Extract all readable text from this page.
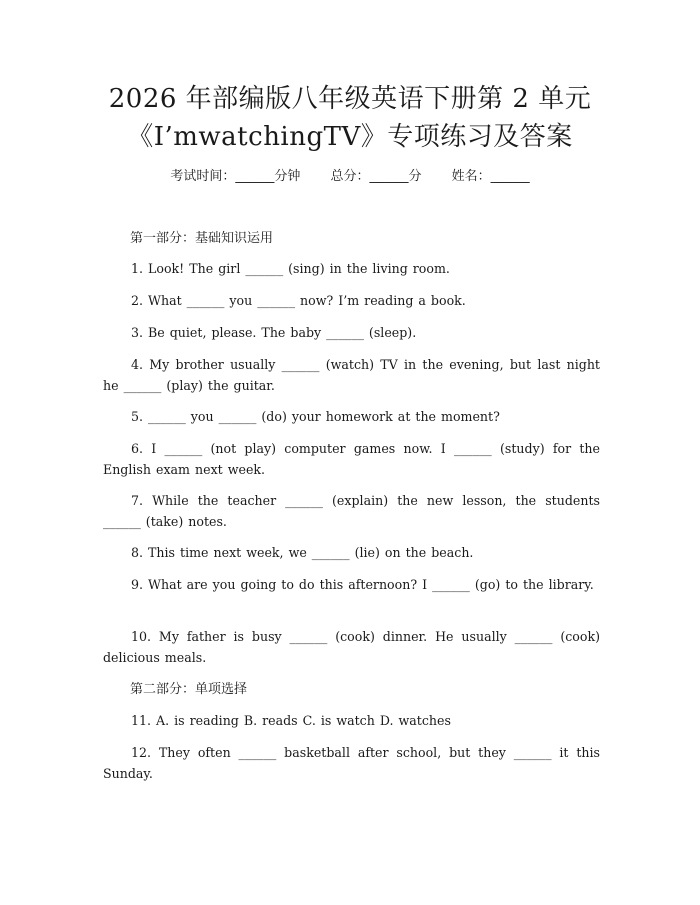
2026 年部编版八年级英语下册第 2 单元
《I’mwatchingTV》专项练习及答案
考试时间：______分钟 总分：______分 姓名：______
第一部分：基础知识运用
1. Look! The girl ______ (sing) in the living room.
2. What ______ you ______ now? I’m reading a book.
3. Be quiet, please. The baby ______ (sleep).
4. My brother usually ______ (watch) TV in the evening, but last night he ______ (play) the guitar.
5. ______ you ______ (do) your homework at the moment?
6. I ______ (not play) computer games now. I ______ (study) for the English exam next week.
7. While the teacher ______ (explain) the new lesson, the students ______ (take) notes.
8. This time next week, we ______ (lie) on the beach.
9. What are you going to do this afternoon? I ______ (go) to the library.
10. My father is busy ______ (cook) dinner. He usually ______ (cook) delicious meals.
第二部分：单项选择
11. A. is reading B. reads C. is watch D. watches
12. They often ______ basketball after school, but they ______ it this Sunday.
